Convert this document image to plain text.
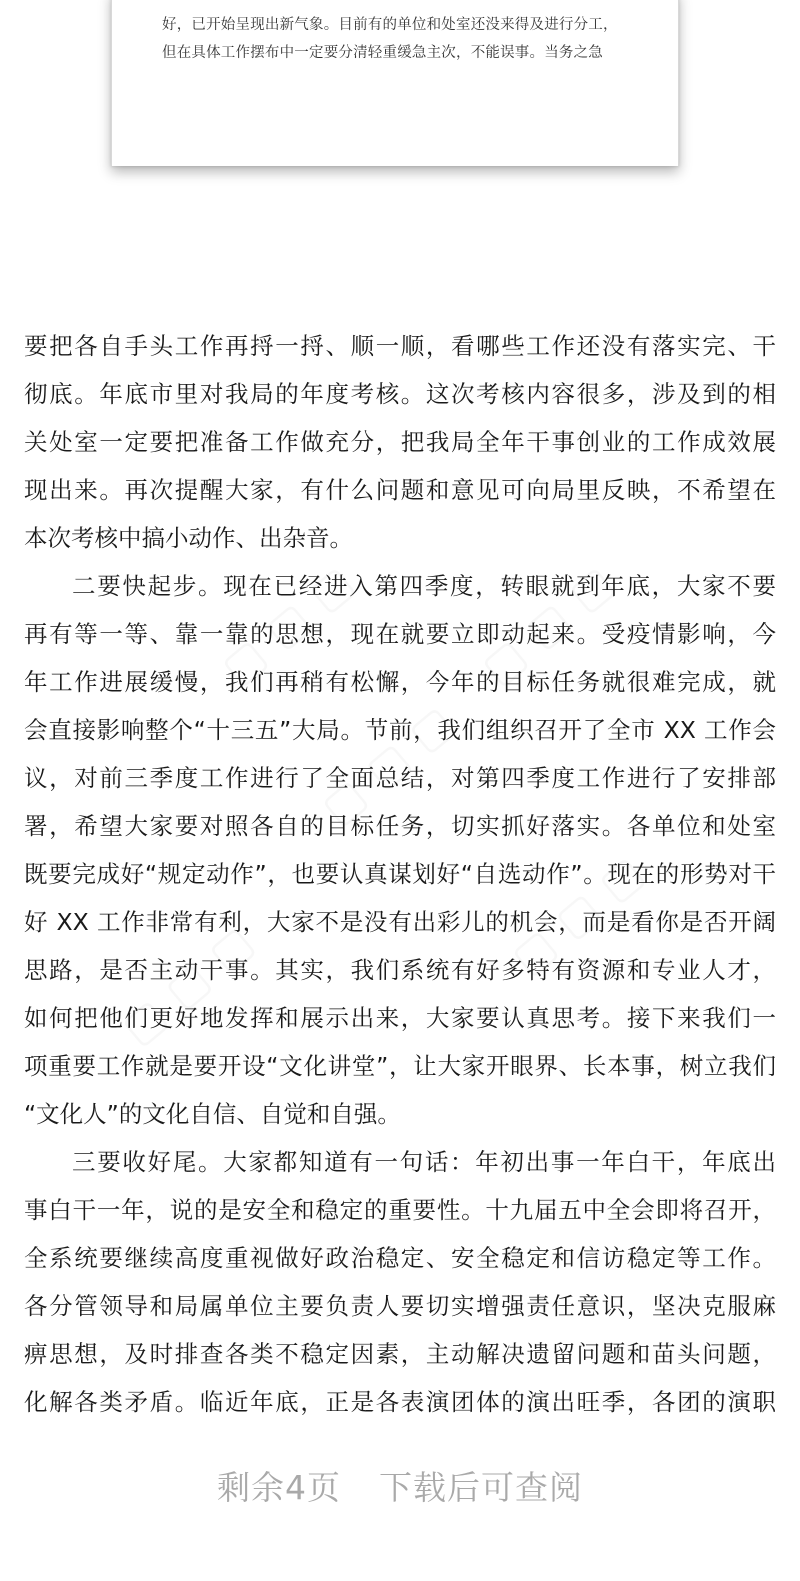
好，已开始呈现出新气象。目前有的单位和处室还没来得及进行分工，
但在具体工作摆布中一定要分清轻重缓急主次，不能误事。当务之急
▢ ▢ ▢ ▢ ▢ ▢
▢ ▢ ▢
▢ ▢ ▢
▢ ▢ ▢
要把各自手头工作再捋一捋、顺一顺，看哪些工作还没有落实完、干
彻底。年底市里对我局的年度考核。这次考核内容很多，涉及到的相
关处室一定要把准备工作做充分，把我局全年干事创业的工作成效展
现出来。再次提醒大家，有什么问题和意见可向局里反映，不希望在
本次考核中搞小动作、出杂音。
二要快起步。现在已经进入第四季度，转眼就到年底，大家不要
再有等一等、靠一靠的思想，现在就要立即动起来。受疫情影响，今
年工作进展缓慢，我们再稍有松懈，今年的目标任务就很难完成，就
会直接影响整个“十三五”大局。节前，我们组织召开了全市 XX 工作会
议，对前三季度工作进行了全面总结，对第四季度工作进行了安排部
署，希望大家要对照各自的目标任务，切实抓好落实。各单位和处室
既要完成好“规定动作”，也要认真谋划好“自选动作”。现在的形势对干
好 XX 工作非常有利，大家不是没有出彩儿的机会，而是看你是否开阔
思路，是否主动干事。其实，我们系统有好多特有资源和专业人才，
如何把他们更好地发挥和展示出来，大家要认真思考。接下来我们一
项重要工作就是要开设“文化讲堂”，让大家开眼界、长本事，树立我们
“文化人”的文化自信、自觉和自强。
三要收好尾。大家都知道有一句话：年初出事一年白干，年底出
事白干一年，说的是安全和稳定的重要性。十九届五中全会即将召开，
全系统要继续高度重视做好政治稳定、安全稳定和信访稳定等工作。
各分管领导和局属单位主要负责人要切实增强责任意识，坚决克服麻
痹思想，及时排查各类不稳定因素，主动解决遗留问题和苗头问题，
化解各类矛盾。临近年底，正是各表演团体的演出旺季，各团的演职
剩余4页 下载后可查阅
